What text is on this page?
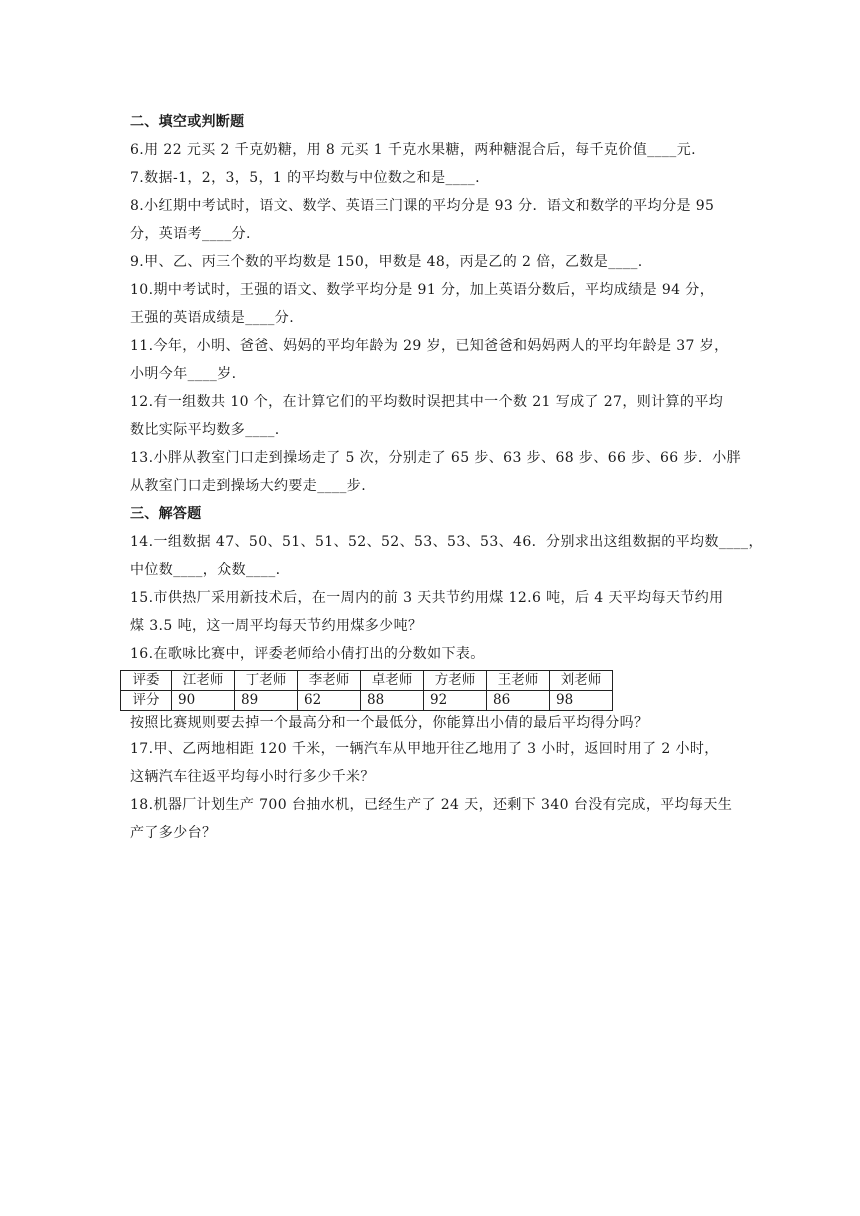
二、填空或判断题

6.用 22 元买 2 千克奶糖，用 8 元买 1 千克水果糖，两种糖混合后，每千克价值____元.

7.数据-1，2，3，5，1 的平均数与中位数之和是____.

8.小红期中考试时，语文、数学、英语三门课的平均分是 93 分．语文和数学的平均分是 95
分，英语考____分.

9.甲、乙、丙三个数的平均数是 150，甲数是 48，丙是乙的 2 倍，乙数是____.

10.期中考试时，王强的语文、数学平均分是 91 分，加上英语分数后，平均成绩是 94 分，
王强的英语成绩是____分.

11.今年，小明、爸爸、妈妈的平均年龄为 29 岁，已知爸爸和妈妈两人的平均年龄是 37 岁，
小明今年____岁.

12.有一组数共 10 个，在计算它们的平均数时误把其中一个数 21 写成了 27，则计算的平均
数比实际平均数多____.

13.小胖从教室门口走到操场走了 5 次，分别走了 65 步、63 步、68 步、66 步、66 步．小胖
从教室门口走到操场大约要走____步.

三、解答题

14.一组数据 47、50、51、51、52、52、53、53、53、46．分别求出这组数据的平均数____，
中位数____，众数____.

15.市供热厂采用新技术后，在一周内的前 3 天共节约用煤 12.6 吨，后 4 天平均每天节约用
煤 3.5 吨，这一周平均每天节约用煤多少吨？

16.在歌咏比赛中，评委老师给小倩打出的分数如下表。

评委	江老师	丁老师	李老师	卓老师	方老师	王老师	刘老师
评分	90	89	62	88	92	86	98

按照比赛规则要去掉一个最高分和一个最低分，你能算出小倩的最后平均得分吗？

17.甲、乙两地相距 120 千米，一辆汽车从甲地开往乙地用了 3 小时，返回时用了 2 小时，
这辆汽车往返平均每小时行多少千米？

18.机器厂计划生产 700 台抽水机，已经生产了 24 天，还剩下 340 台没有完成，平均每天生
产了多少台？
